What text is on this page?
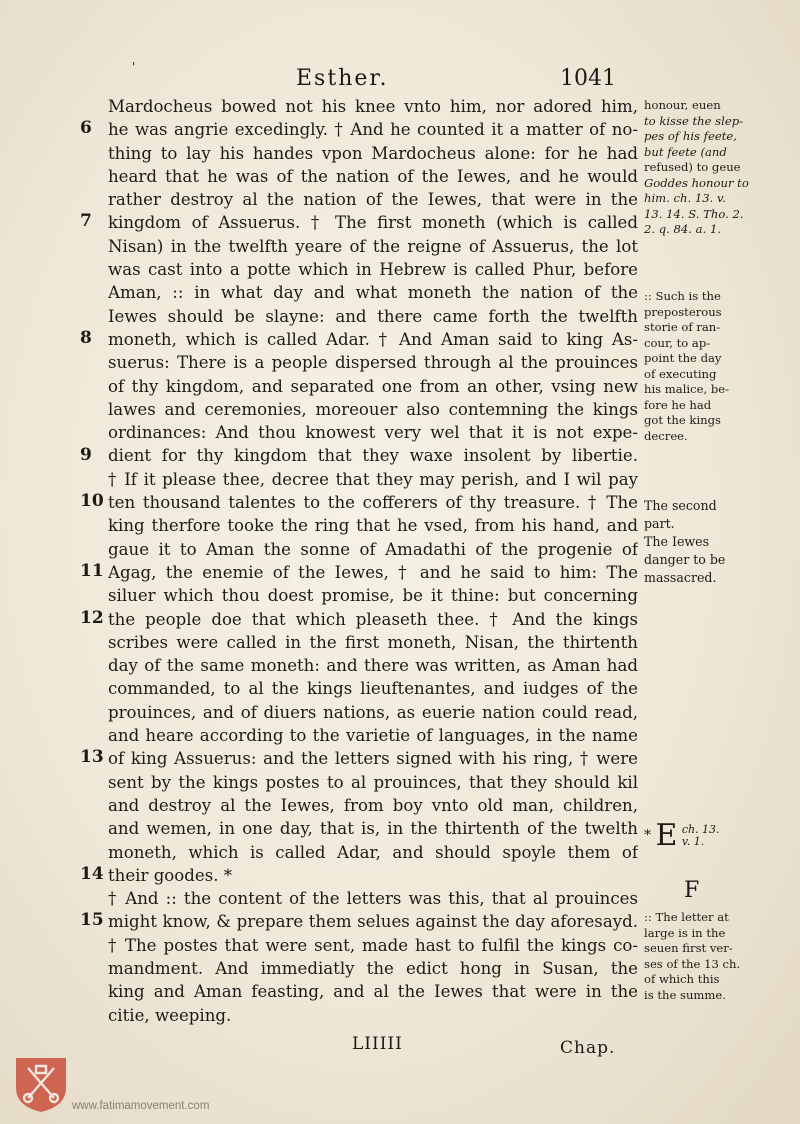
'	Esther.	1041
6
7
8
9
10
11
12
13
14
15
Mardocheus bowed not his knee vnto him, nor adored him,
he was angrie excedingly. † And he counted it a matter of no-
thing to lay his handes vpon Mardocheus alone: for he had
heard that he was of the nation of the Iewes, and he would
rather destroy al the nation of the Iewes, that were in the
kingdom of Assuerus. † The first moneth (which is called
Nisan) in the twelfth yeare of the reigne of Assuerus, the lot
was cast into a potte which in Hebrew is called Phur, before
Aman, :: in what day and what moneth the nation of the
Iewes should be slayne: and there came forth the twelfth
moneth, which is called Adar. † And Aman said to king As-
suerus: There is a people dispersed through al the prouinces
of thy kingdom, and separated one from an other, vsing new
lawes and ceremonies, moreouer also contemning the kings
ordinances: And thou knowest very wel that it is not expe-
dient for thy kingdom that they waxe insolent by libertie.
† If it please thee, decree that they may perish, and I wil pay
ten thousand talentes to the cofferers of thy treasure. † The
king therfore tooke the ring that he vsed, from his hand, and
gaue it to Aman the sonne of Amadathi of the progenie of
Agag, the enemie of the Iewes, † and he said to him: The
siluer which thou doest promise, be it thine: but concerning
the people doe that which pleaseth thee. † And the kings
scribes were called in the first moneth, Nisan, the thirtenth
day of the same moneth: and there was written, as Aman had
commanded, to al the kings lieuftenantes, and iudges of the
prouinces, and of diuers nations, as euerie nation could read,
and heare according to the varietie of languages, in the name
of king Assuerus: and the letters signed with his ring, † were
sent by the kings postes to al prouinces, that they should kil
and destroy al the Iewes, from boy vnto old man, children,
and wemen, in one day, that is, in the thirtenth of the twelth
moneth, which is called Adar, and should spoyle them of
their goodes. *
† And :: the content of the letters was this, that al prouinces
might know, & prepare them selues against the day aforesayd.
† The postes that were sent, made hast to fulfil the kings co-
mandment. And immediatly the edict hong in Susan, the
king and Aman feasting, and al the Iewes that were in the
citie, weeping.
honour, euen
to kisse the slep-
pes of his feete,
but feete (and
refused) to geue
Goddes honour to
him. ch. 13. v.
13. 14. S. Tho. 2.
2. q. 84. a. 1.
:: Such is the
preposterous
storie of ran-
cour, to ap-
point the day
of executing
his malice, be-
fore he had
got the kings
decree.
The second
part.
The Iewes
danger to be
massacred.
* E ch. 13.
v. 1.
F
:: The letter at
large is in the
seuen first ver-
ses of the 13 ch.
of which this
is the summe.
LIIIII	Chap.
www.fatimamovement.com
